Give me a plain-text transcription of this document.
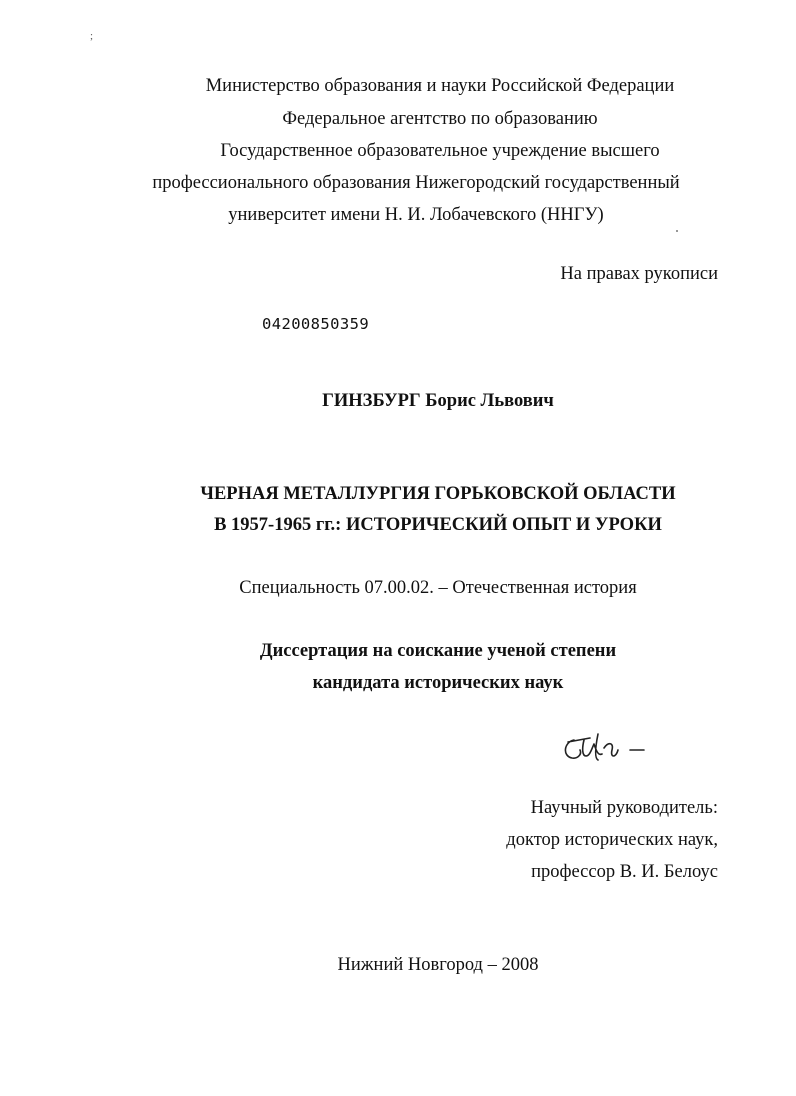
;
Министерство образования и науки Российской Федерации
Федеральное агентство по образованию
Государственное образовательное учреждение высшего
профессионального образования Нижегородский государственный
университет имени Н. И. Лобачевского (ННГУ)
На правах рукописи
04200850359
ГИНЗБУРГ Борис Львович
ЧЕРНАЯ МЕТАЛЛУРГИЯ ГОРЬКОВСКОЙ ОБЛАСТИ
В 1957-1965 гг.: ИСТОРИЧЕСКИЙ ОПЫТ И УРОКИ
Специальность 07.00.02. – Отечественная история
Диссертация на соискание ученой степени
кандидата исторических наук
Научный руководитель:
доктор исторических наук,
профессор В. И. Белоус
Нижний Новгород – 2008
